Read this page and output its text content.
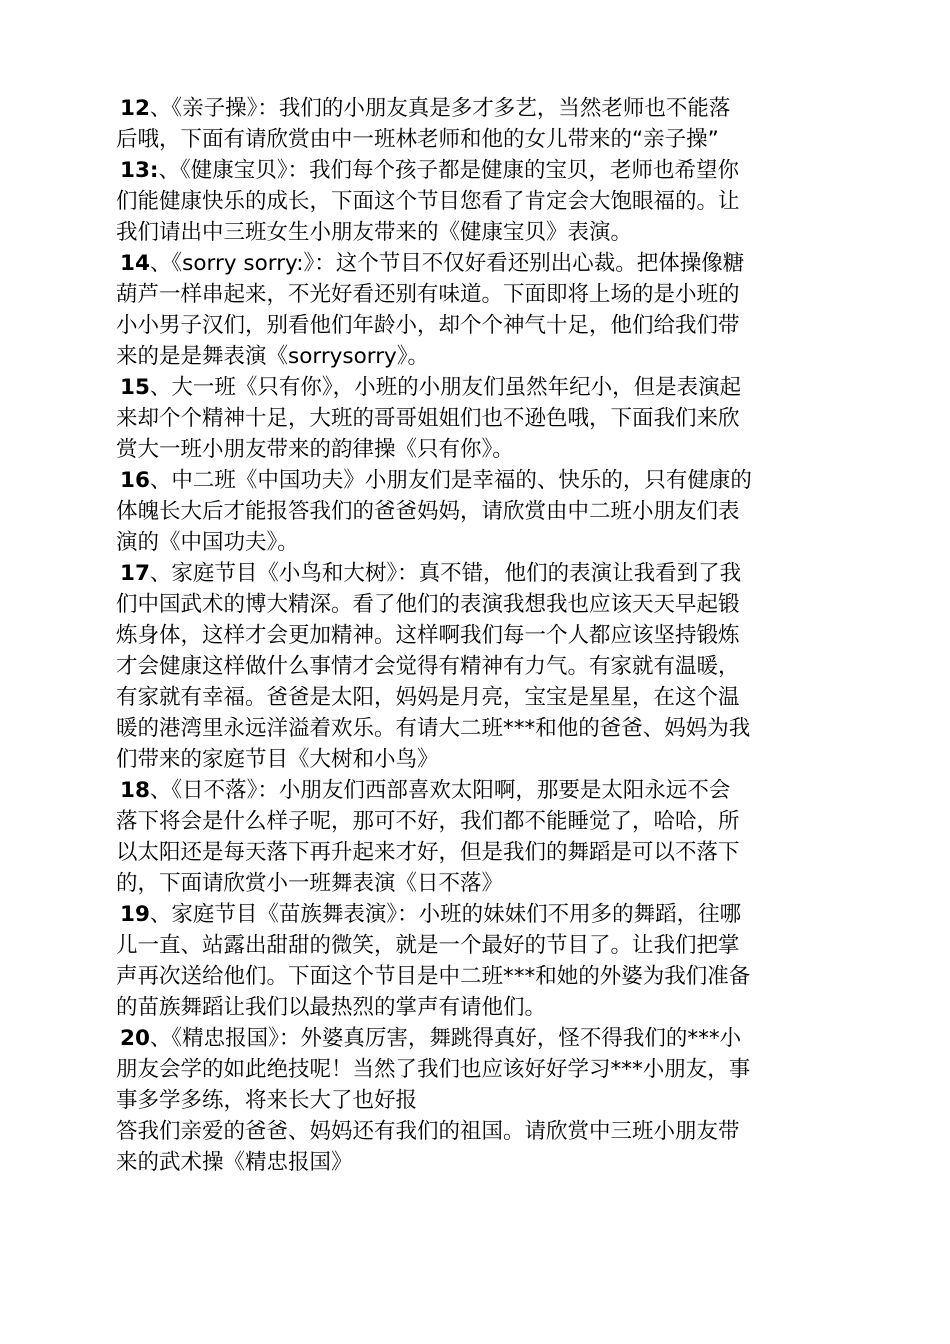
12、《亲子操》：我们的小朋友真是多才多艺，当然老师也不能落
后哦，下面有请欣赏由中一班林老师和他的女儿带来的“亲子操”
13:、《健康宝贝》：我们每个孩子都是健康的宝贝，老师也希望你
们能健康快乐的成长，下面这个节目您看了肯定会大饱眼福的。让
我们请出中三班女生小朋友带来的《健康宝贝》表演。
14、《sorry sorry:》：这个节目不仅好看还别出心裁。把体操像糖
葫芦一样串起来，不光好看还别有味道。下面即将上场的是小班的
小小男子汉们，别看他们年龄小，却个个神气十足，他们给我们带
来的是是舞表演《sorrysorry》。
15、大一班《只有你》，小班的小朋友们虽然年纪小，但是表演起
来却个个精神十足，大班的哥哥姐姐们也不逊色哦，下面我们来欣
赏大一班小朋友带来的韵律操《只有你》。
16、中二班《中国功夫》小朋友们是幸福的、快乐的，只有健康的
体魄长大后才能报答我们的爸爸妈妈，请欣赏由中二班小朋友们表
演的《中国功夫》。
17、家庭节目《小鸟和大树》：真不错，他们的表演让我看到了我
们中国武术的博大精深。看了他们的表演我想我也应该天天早起锻
炼身体，这样才会更加精神。这样啊我们每一个人都应该坚持锻炼
才会健康这样做什么事情才会觉得有精神有力气。有家就有温暖，
有家就有幸福。爸爸是太阳，妈妈是月亮，宝宝是星星，在这个温
暖的港湾里永远洋溢着欢乐。有请大二班***和他的爸爸、妈妈为我
们带来的家庭节目《大树和小鸟》
18、《日不落》：小朋友们西部喜欢太阳啊，那要是太阳永远不会
落下将会是什么样子呢，那可不好，我们都不能睡觉了，哈哈，所
以太阳还是每天落下再升起来才好，但是我们的舞蹈是可以不落下
的，下面请欣赏小一班舞表演《日不落》
19、家庭节目《苗族舞表演》：小班的妹妹们不用多的舞蹈，往哪
儿一直、站露出甜甜的微笑，就是一个最好的节目了。让我们把掌
声再次送给他们。下面这个节目是中二班***和她的外婆为我们准备
的苗族舞蹈让我们以最热烈的掌声有请他们。
20、《精忠报国》：外婆真厉害，舞跳得真好，怪不得我们的***小
朋友会学的如此绝技呢！当然了我们也应该好好学习***小朋友，事
事多学多练，将来长大了也好报
答我们亲爱的爸爸、妈妈还有我们的祖国。请欣赏中三班小朋友带
来的武术操《精忠报国》
